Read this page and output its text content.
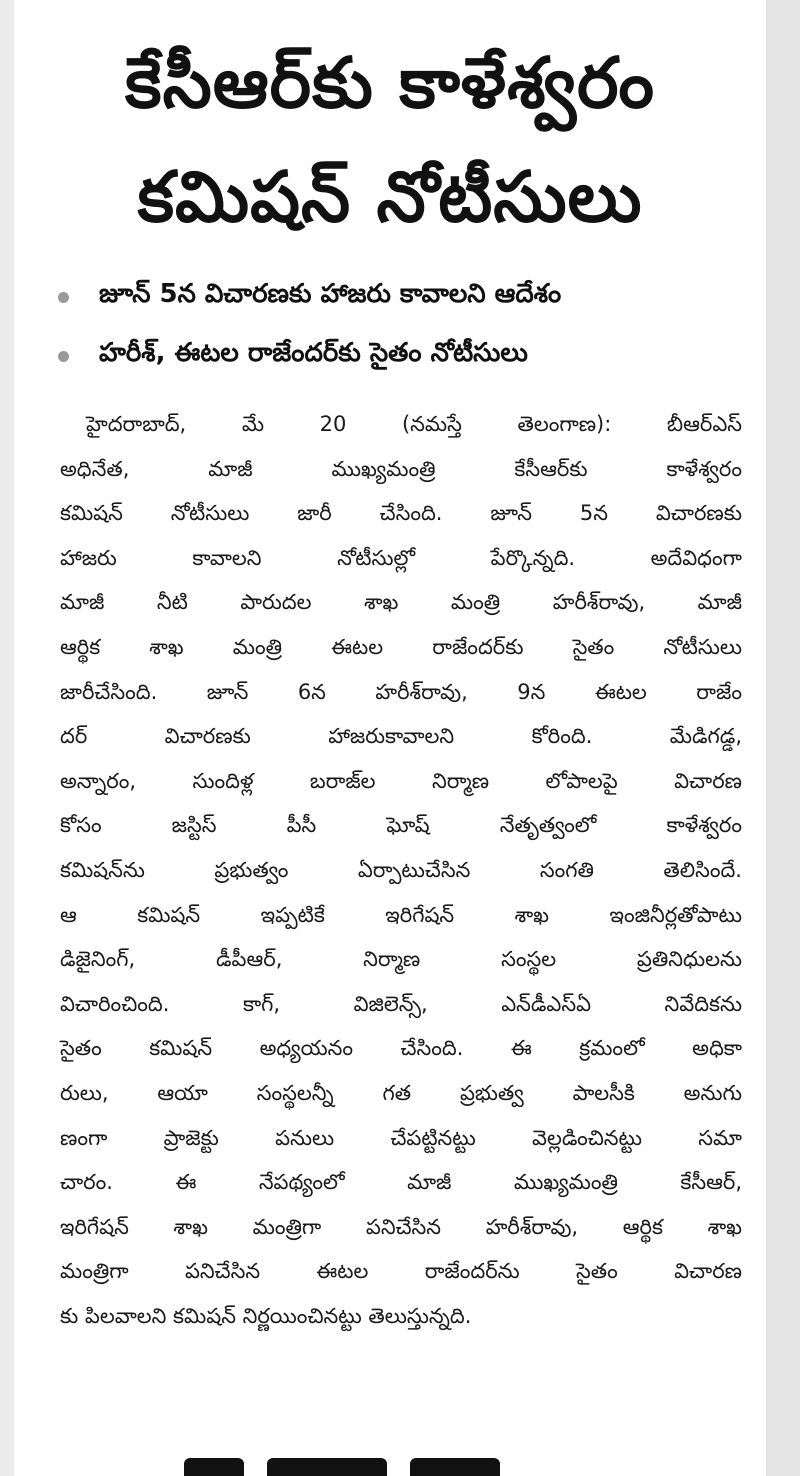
కేసీఆర్‌కు కాళేశ్వరం
కమిషన్‌ నోటీసులు
జూన్‌ 5న విచారణకు హాజరు కావాలని ఆదేశం
హరీశ్‌, ఈటల రాజేందర్‌కు సైతం నోటీసులు
హైదరాబాద్‌, మే 20 (నమస్తే తెలంగాణ): బీఆర్‌ఎస్‌
అధినేత, మాజీ ముఖ్యమంత్రి కేసీఆర్‌కు కాళేశ్వరం
కమిషన్‌ నోటీసులు జారీ చేసింది. జూన్‌ 5న విచారణకు
హాజరు కావాలని నోటీసుల్లో పేర్కొన్నది. అదేవిధంగా
మాజీ నీటి పారుదల శాఖ మంత్రి హరీశ్‌రావు, మాజీ
ఆర్థిక శాఖ మంత్రి ఈటల రాజేందర్‌కు సైతం నోటీసులు
జారీచేసింది. జూన్‌ 6న హరీశ్‌రావు, 9న ఈటల రాజేం
దర్‌ విచారణకు హాజరుకావాలని కోరింది. మేడిగడ్డ,
అన్నారం, సుందిళ్ల బరాజ్‌ల నిర్మాణ లోపాలపై విచారణ
కోసం జస్టిస్‌ పీసీ ఘోష్‌ నేతృత్వంలో కాళేశ్వరం
కమిషన్‌ను ప్రభుత్వం ఏర్పాటుచేసిన సంగతి తెలిసిందే.
ఆ కమిషన్‌ ఇప్పటికే ఇరిగేషన్‌ శాఖ ఇంజినీర్లతోపాటు
డిజైనింగ్‌, డీపీఆర్‌, నిర్మాణ సంస్థల ప్రతినిధులను
విచారించింది. కాగ్‌, విజిలెన్స్‌, ఎన్‌డీఎస్‌ఏ నివేదికను
సైతం కమిషన్‌ అధ్యయనం చేసింది. ఈ క్రమంలో అధికా
రులు, ఆయా సంస్థలన్నీ గత ప్రభుత్వ పాలసీకి అనుగు
ణంగా ప్రాజెక్టు పనులు చేపట్టినట్టు వెల్లడించినట్టు సమా
చారం. ఈ నేపథ్యంలో మాజీ ముఖ్యమంత్రి కేసీఆర్‌,
ఇరిగేషన్‌ శాఖ మంత్రిగా పనిచేసిన హరీశ్‌రావు, ఆర్థిక శాఖ
మంత్రిగా పనిచేసిన ఈటల రాజేందర్‌ను సైతం విచారణ
కు పిలవాలని కమిషన్‌ నిర్ణయించినట్టు తెలుస్తున్నది.
